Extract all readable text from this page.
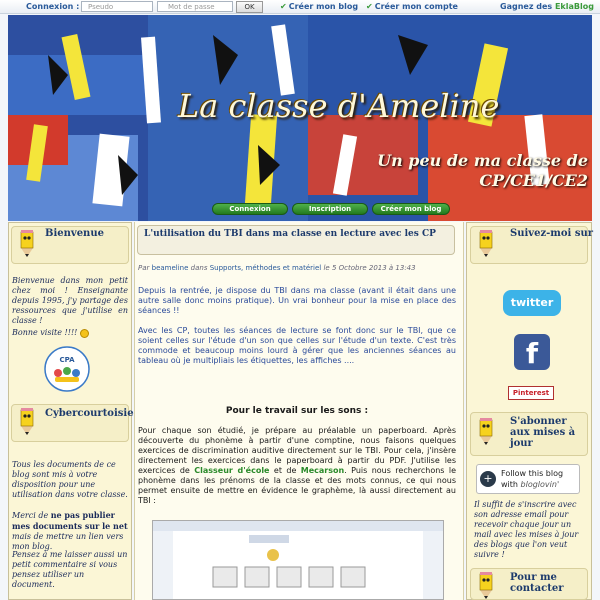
Connexion :	Pseudo	Mot de passe	OK	✔ Créer mon blog ✔ Créer mon compte	Gagnez des EklaBlog
La classe d'Ameline
Un peu de ma classe de CP/CE1/CE2
Connexion	Inscription	Créer mon blog
Bienvenue
Bienvenue dans mon petit chez moi ! Enseignante depuis 1995, j'y partage des ressources que j'utilise en classe !
Bonne visite !!!!
CPA
Cybercourtoisie
Tous les documents de ce blog sont mis à votre disposition pour une utilisation dans votre classe.
Merci de ne pas publier mes documents sur le net mais de mettre un lien vers mon blog.
Pensez à me laisser aussi un petit commentaire si vous pensez utiliser un document.
L'utilisation du TBI dans ma classe en lecture avec les CP
Par beameline dans Supports, méthodes et matériel le 5 Octobre 2013 à 13:43
Depuis la rentrée, je dispose du TBI dans ma classe (avant il était dans une autre salle donc moins pratique). Un vrai bonheur pour la mise en place des séances !!
Avec les CP, toutes les séances de lecture se font donc sur le TBI, que ce soient celles sur l'étude d'un son que celles sur l'étude d'un texte. C'est très commode et beaucoup moins lourd à gérer que les anciennes séances au tableau où je multipliais les étiquettes, les affiches ....
Pour le travail sur les sons :
Pour chaque son étudié, je prépare au préalable un paperboard. Après découverte du phonème à partir d'une comptine, nous faisons quelques exercices de discrimination auditive directement sur le TBI. Pour cela, j'insère directement les exercices dans le paperboard à partir du PDF. J'utilise les exercices de Classeur d'école et de Mecarson. Puis nous recherchons le phonème dans les prénoms de la classe et des mots connus, ce qui nous permet ensuite de mettre en évidence le graphème, là aussi directement au TBI :
Suivez-moi sur
twitter
f
Pinterest
S'abonner aux mises à jour
+	Follow this blog
with bloglovin'
Il suffit de s'inscrire avec son adresse email pour recevoir chaque jour un mail avec les mises à jour des blogs que l'on veut suivre !
Pour me contacter
